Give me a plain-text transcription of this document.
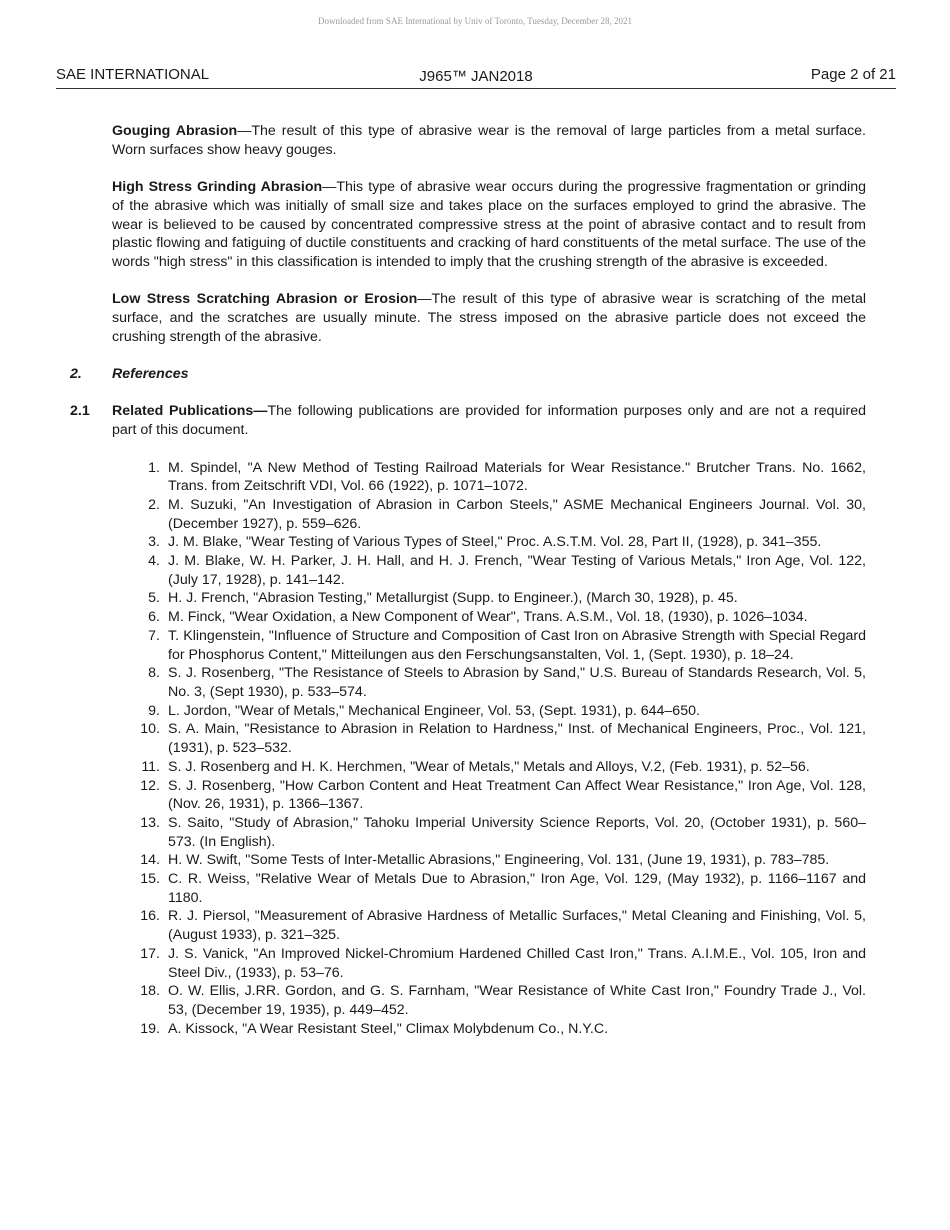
Downloaded from SAE International by Univ of Toronto, Tuesday, December 28, 2021
SAE INTERNATIONAL	J965™ JAN2018	Page 2 of 21

Gouging Abrasion—The result of this type of abrasive wear is the removal of large particles from a metal surface. Worn surfaces show heavy gouges.

High Stress Grinding Abrasion—This type of abrasive wear occurs during the progressive fragmentation or grinding of the abrasive which was initially of small size and takes place on the surfaces employed to grind the abrasive. The wear is believed to be caused by concentrated compressive stress at the point of abrasive contact and to result from plastic flowing and fatiguing of ductile constituents and cracking of hard constituents of the metal surface. The use of the words "high stress" in this classification is intended to imply that the crushing strength of the abrasive is exceeded.

Low Stress Scratching Abrasion or Erosion—The result of this type of abrasive wear is scratching of the metal surface, and the scratches are usually minute. The stress imposed on the abrasive particle does not exceed the crushing strength of the abrasive.

2. References
2.1 Related Publications—The following publications are provided for information purposes only and are not a required part of this document.
1. M. Spindel, "A New Method of Testing Railroad Materials for Wear Resistance." Brutcher Trans. No. 1662, Trans. from Zeitschrift VDI, Vol. 66 (1922), p. 1071–1072.
2. M. Suzuki, "An Investigation of Abrasion in Carbon Steels," ASME Mechanical Engineers Journal. Vol. 30, (December 1927), p. 559–626.
3. J. M. Blake, "Wear Testing of Various Types of Steel," Proc. A.S.T.M. Vol. 28, Part II, (1928), p. 341–355.
4. J. M. Blake, W. H. Parker, J. H. Hall, and H. J. French, "Wear Testing of Various Metals," Iron Age, Vol. 122, (July 17, 1928), p. 141–142.
5. H. J. French, "Abrasion Testing," Metallurgist (Supp. to Engineer.), (March 30, 1928), p. 45.
6. M. Finck, "Wear Oxidation, a New Component of Wear", Trans. A.S.M., Vol. 18, (1930), p. 1026–1034.
7. T. Klingenstein, "Influence of Structure and Composition of Cast Iron on Abrasive Strength with Special Regard for Phosphorus Content," Mitteilungen aus den Ferschungsanstalten, Vol. 1, (Sept. 1930), p. 18–24.
8. S. J. Rosenberg, "The Resistance of Steels to Abrasion by Sand," U.S. Bureau of Standards Research, Vol. 5, No. 3, (Sept 1930), p. 533–574.
9. L. Jordon, "Wear of Metals," Mechanical Engineer, Vol. 53, (Sept. 1931), p. 644–650.
10. S. A. Main, "Resistance to Abrasion in Relation to Hardness," Inst. of Mechanical Engineers, Proc., Vol. 121, (1931), p. 523–532.
11. S. J. Rosenberg and H. K. Herchmen, "Wear of Metals," Metals and Alloys, V.2, (Feb. 1931), p. 52–56.
12. S. J. Rosenberg, "How Carbon Content and Heat Treatment Can Affect Wear Resistance," Iron Age, Vol. 128, (Nov. 26, 1931), p. 1366–1367.
13. S. Saito, "Study of Abrasion," Tahoku Imperial University Science Reports, Vol. 20, (October 1931), p. 560–573. (In English).
14. H. W. Swift, "Some Tests of Inter-Metallic Abrasions," Engineering, Vol. 131, (June 19, 1931), p. 783–785.
15. C. R. Weiss, "Relative Wear of Metals Due to Abrasion," Iron Age, Vol. 129, (May 1932), p. 1166–1167 and 1180.
16. R. J. Piersol, "Measurement of Abrasive Hardness of Metallic Surfaces," Metal Cleaning and Finishing, Vol. 5, (August 1933), p. 321–325.
17. J. S. Vanick, "An Improved Nickel-Chromium Hardened Chilled Cast Iron," Trans. A.I.M.E., Vol. 105, Iron and Steel Div., (1933), p. 53–76.
18. O. W. Ellis, J.RR. Gordon, and G. S. Farnham, "Wear Resistance of White Cast Iron," Foundry Trade J., Vol. 53, (December 19, 1935), p. 449–452.
19. A. Kissock, "A Wear Resistant Steel," Climax Molybdenum Co., N.Y.C.
